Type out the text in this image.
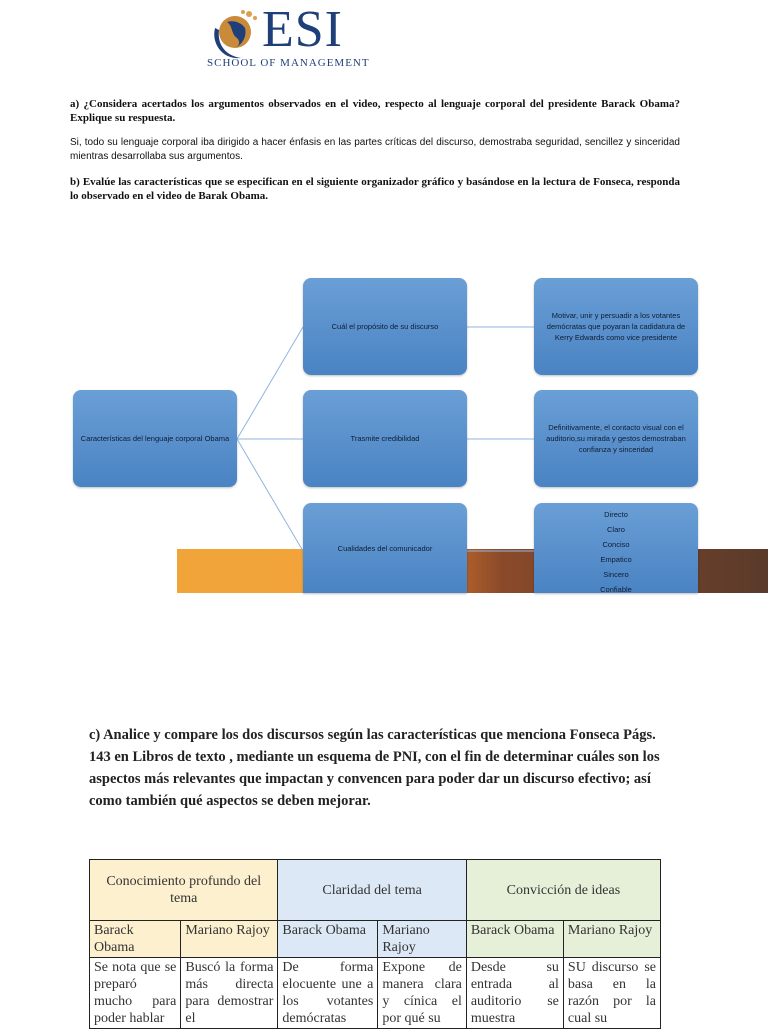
ESI
SCHOOL OF MANAGEMENT
a) ¿Considera acertados los argumentos observados en el video, respecto al lenguaje corporal del presidente Barack Obama? Explique su respuesta.
Si, todo su lenguaje corporal iba dirigido a hacer énfasis en las partes críticas del discurso, demostraba seguridad, sencillez y sinceridad mientras desarrollaba sus argumentos.
b) Evalúe las características que se especifican en el siguiente organizador gráfico y basándose en la lectura de Fonseca, responda lo observado en el video de Barak Obama.
Características del lenguaje corporal Obama
Cuál el propósito de su discurso
Trasmite credibilidad
Cualidades del comunicador
Motivar, unir y persuadir a los votantes demócratas que poyaran la cadidatura de Kerry Edwards como vice presidente
Definitivamente, el contacto visual con el auditorio,su mirada y gestos demostraban confianza y sinceridad
Directo
Claro
Conciso
Empatico
Sincero
Confiable
c) Analice y compare los dos discursos según las características que menciona Fonseca Págs. 143 en Libros de texto , mediante un esquema de PNI, con el fin de determinar cuáles son los aspectos más relevantes que impactan y convencen para poder dar un discurso efectivo; así como también qué aspectos se deben mejorar.
Conocimiento profundo del tema		Claridad del tema		Convicción de ideas	
Barack Obama	Mariano Rajoy	Barack Obama	Mariano Rajoy	Barack Obama	Mariano Rajoy
Se nota que se preparó mucho para poder hablar	Buscó la forma más directa para demostrar el	De forma elocuente une a los votantes demócratas	Expone de manera clara y cínica el por qué su	Desde su entrada al auditorio se muestra	SU discurso se basa en la razón por la cual su
